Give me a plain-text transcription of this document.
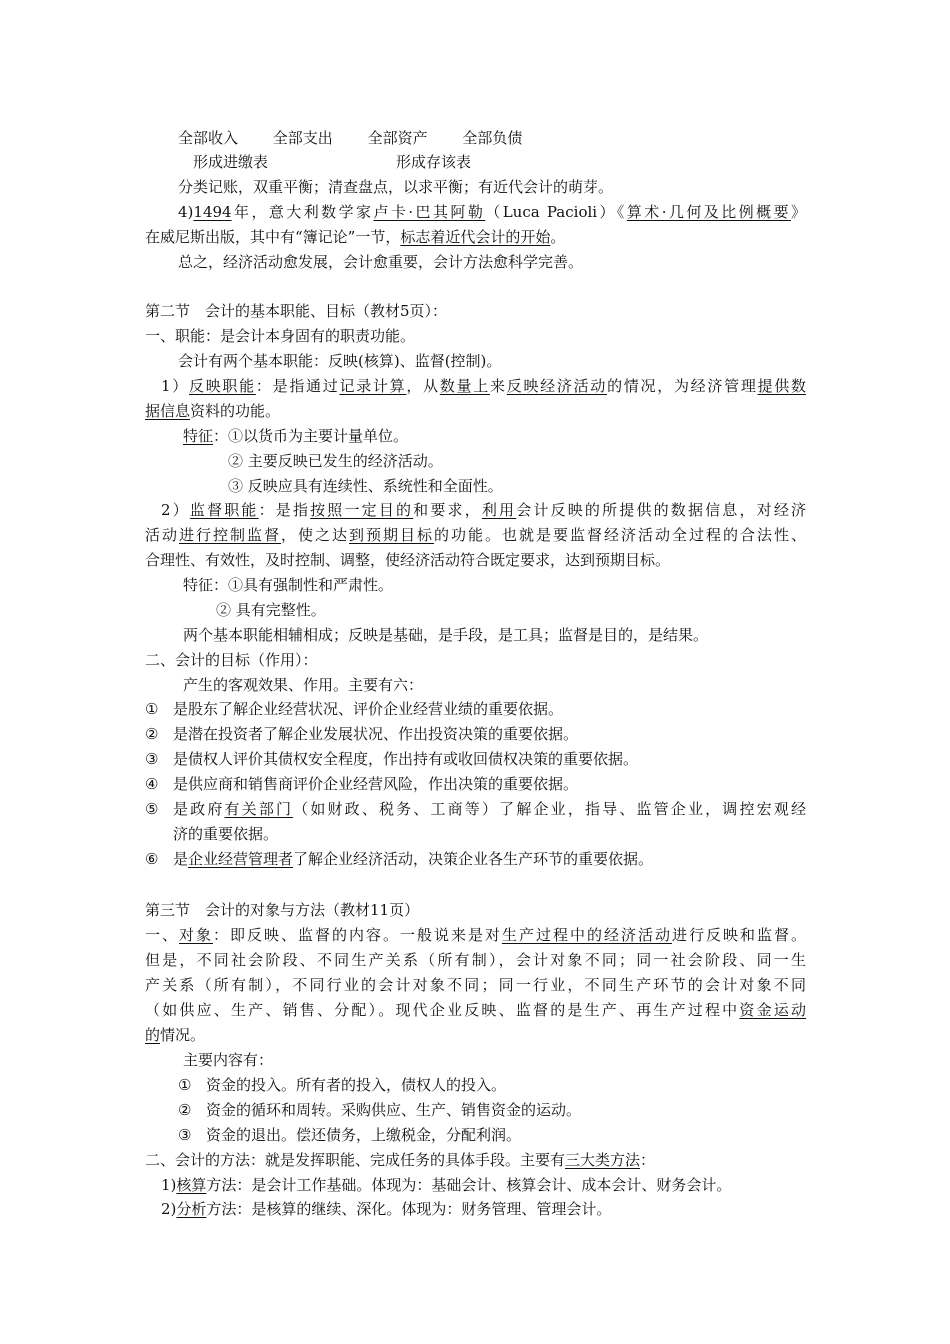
全部收入 全部支出 全部资产 全部负债
形成进缴表	形成存该表
分类记账，双重平衡；清查盘点，以求平衡；有近代会计的萌芽。
4)1494年，意大利数学家卢卡·巴其阿勒（Luca Pacioli）《算术·几何及比例概要》
在威尼斯出版，其中有“簿记论”一节，标志着近代会计的开始。
总之，经济活动愈发展，会计愈重要，会计方法愈科学完善。
第二节　会计的基本职能、目标（教材5页）：
一、职能：是会计本身固有的职责功能。
会计有两个基本职能：反映(核算)、监督(控制)。
1）反映职能：是指通过记录计算，从数量上来反映经济活动的情况，为经济管理提供数
据信息资料的功能。
特征：①以货币为主要计量单位。
② 主要反映已发生的经济活动。
③ 反映应具有连续性、系统性和全面性。
2）监督职能：是指按照一定目的和要求，利用会计反映的所提供的数据信息，对经济
活动进行控制监督，使之达到预期目标的功能。也就是要监督经济活动全过程的合法性、
合理性、有效性，及时控制、调整，使经济活动符合既定要求，达到预期目标。
特征：①具有强制性和严肃性。
② 具有完整性。
两个基本职能相辅相成；反映是基础，是手段，是工具；监督是目的，是结果。
二、会计的目标（作用）：
产生的客观效果、作用。主要有六：
① 是股东了解企业经营状况、评价企业经营业绩的重要依据。
② 是潜在投资者了解企业发展状况、作出投资决策的重要依据。
③ 是债权人评价其债权安全程度，作出持有或收回债权决策的重要依据。
④ 是供应商和销售商评价企业经营风险，作出决策的重要依据。
⑤ 是政府有关部门（如财政、税务、工商等）了解企业，指导、监管企业，调控宏观经
济的重要依据。
⑥ 是企业经营管理者了解企业经济活动，决策企业各生产环节的重要依据。
第三节　会计的对象与方法（教材11页）
一、对象：即反映、监督的内容。一般说来是对生产过程中的经济活动进行反映和监督。
但是，不同社会阶段、不同生产关系（所有制），会计对象不同；同一社会阶段、同一生
产关系（所有制），不同行业的会计对象不同；同一行业，不同生产环节的会计对象不同
（如供应、生产、销售、分配）。现代企业反映、监督的是生产、再生产过程中资金运动
的情况。
主要内容有：
① 资金的投入。所有者的投入，债权人的投入。
② 资金的循环和周转。采购供应、生产、销售资金的运动。
③ 资金的退出。偿还债务，上缴税金，分配利润。
二、会计的方法：就是发挥职能、完成任务的具体手段。主要有三大类方法：
1)核算方法：是会计工作基础。体现为：基础会计、核算会计、成本会计、财务会计。
2)分析方法：是核算的继续、深化。体现为：财务管理、管理会计。
